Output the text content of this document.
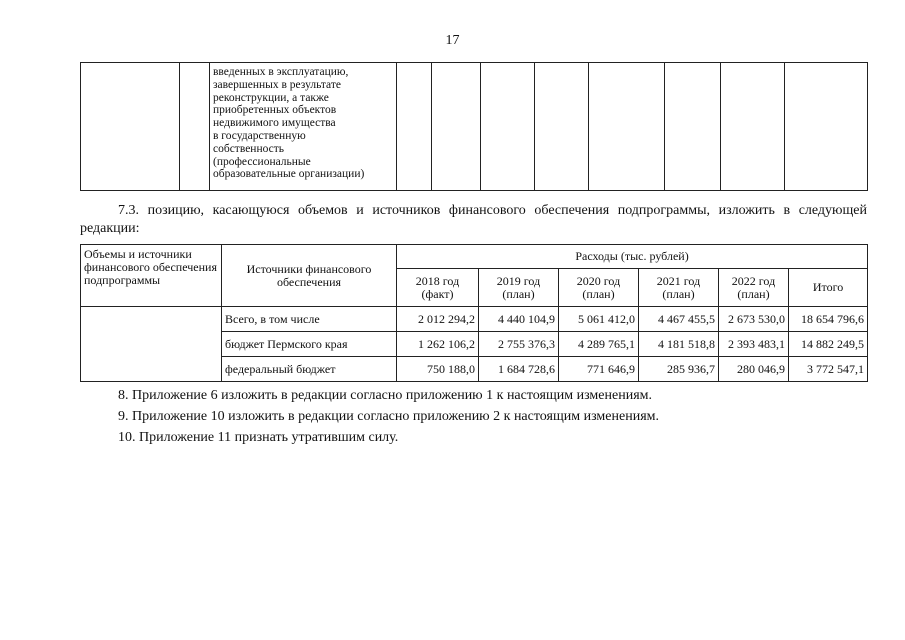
17

введенных в эксплуатацию,

завершенных в результате

реконструкции, а также

приобретенных объектов

недвижимого имущества

в государственную

собственность

(профессиональные

образовательные организации)

7.3. позицию, касающуюся объемов и источников финансового обеспечения подпрограммы, изложить в следующей редакции:
Объемы и источники финансового обеспечения подпрограммы	Источники финансового обеспечения	Расходы (тыс. рублей)					
		2018 год (факт)	2019 год (план)	2020 год (план)	2021 год (план)	2022 год (план)	Итого
	Всего, в том числе	2 012 294,2	4 440 104,9	5 061 412,0	4 467 455,5	2 673 530,0	18 654 796,6
	бюджет Пермского края	1 262 106,2	2 755 376,3	4 289 765,1	4 181 518,8	2 393 483,1	14 882 249,5
	федеральный бюджет	750 188,0	1 684 728,6	771 646,9	285 936,7	280 046,9	3 772 547,1
8. Приложение 6 изложить в редакции согласно приложению 1 к настоящим изменениям.
9. Приложение 10 изложить в редакции согласно приложению 2 к настоящим изменениям.
10. Приложение 11 признать утратившим силу.
